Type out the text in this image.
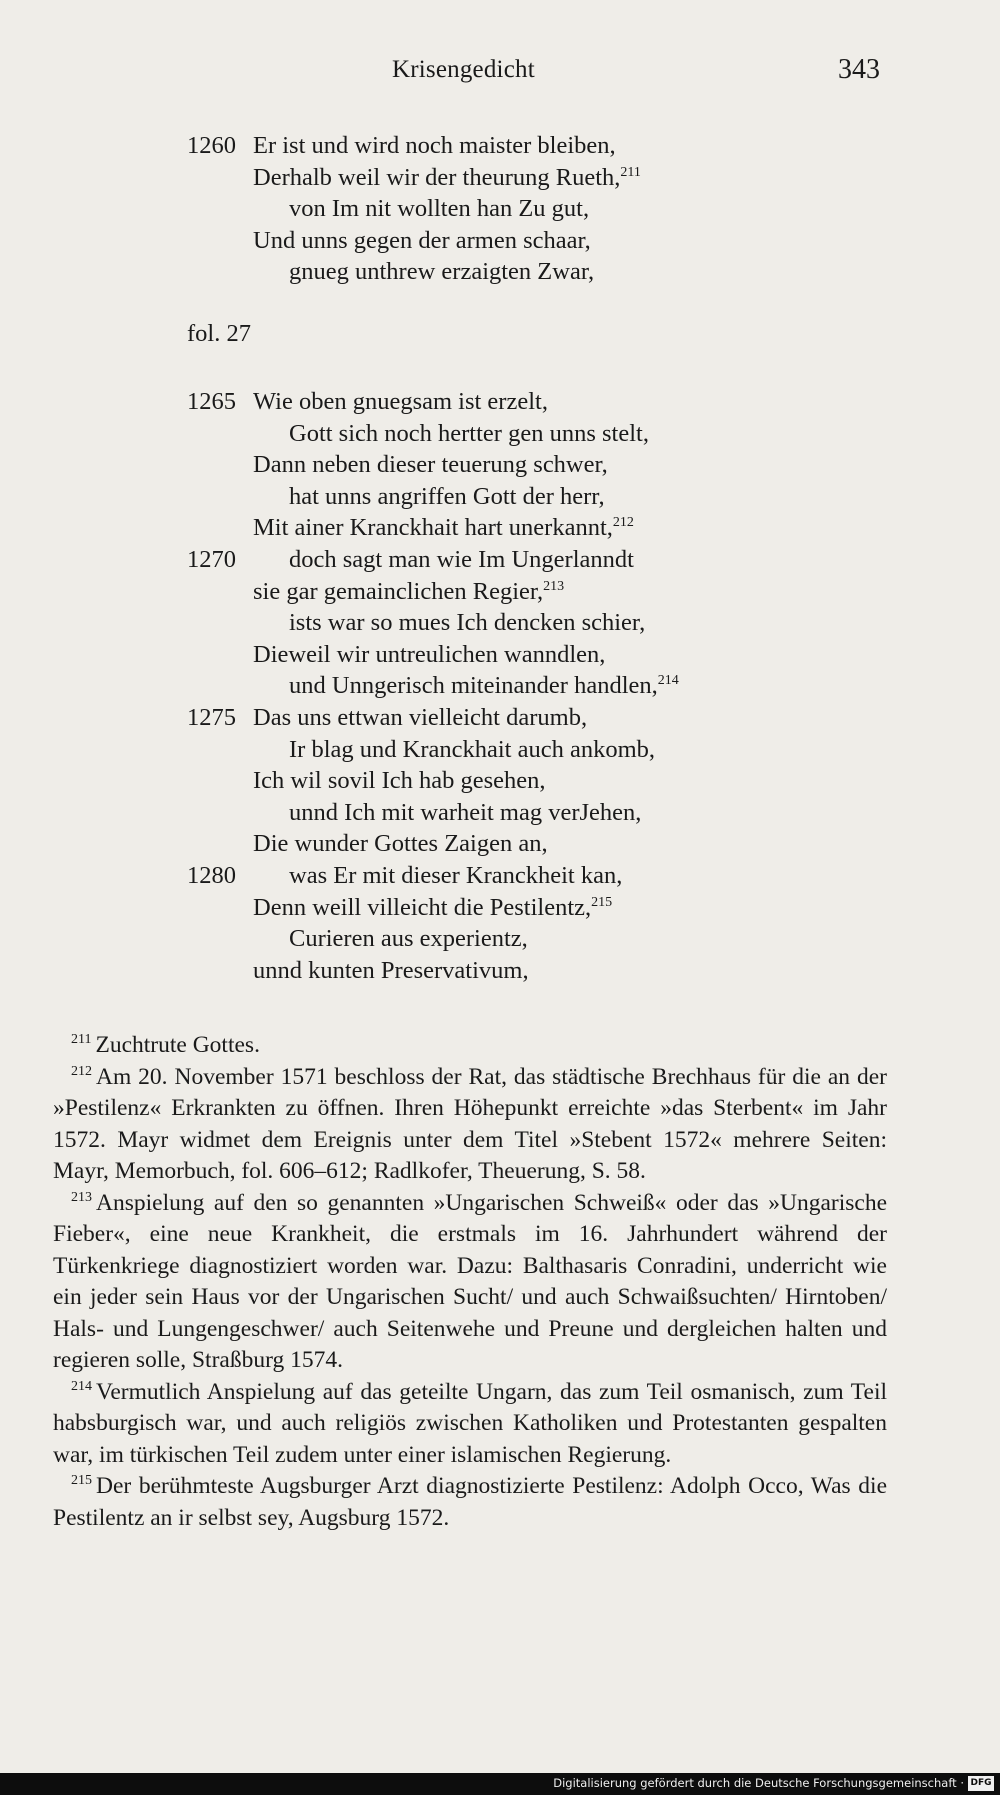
Krisengedicht	343
1260 Er ist und wird noch maister bleiben,
Derhalb weil wir der theurung Rueth,$^{211}$
von Im nit wollten han Zu gut,
Und unns gegen der armen schaar,
gnueg unthrew erzaigten Zwar,
fol. 27
1265 Wie oben gnuegsam ist erzelt,
Gott sich noch hertter gen unns stelt,
Dann neben dieser teuerung schwer,
hat unns angriffen Gott der herr,
Mit ainer Kranckhait hart unerkannt,$^{212}$
1270 doch sagt man wie Im Ungerlanndt
sie gar gemainclichen Regier,$^{213}$
ists war so mues Ich dencken schier,
Dieweil wir untreulichen wanndlen,
und Unngerisch miteinander handlen,$^{214}$
1275 Das uns ettwan vielleicht darumb,
Ir blag und Kranckhait auch ankomb,
Ich wil sovil Ich hab gesehen,
unnd Ich mit warheit mag verJehen,
Die wunder Gottes Zaigen an,
1280 was Er mit dieser Kranckheit kan,
Denn weill villeicht die Pestilentz,$^{215}$
Curieren aus experientz,
unnd kunten Preservativum,

$^{211}$ Zuchtrute Gottes.

$^{212}$ Am 20. November 1571 beschloss der Rat, das städtische Brechhaus für die an der »Pestilenz« Erkrankten zu öffnen. Ihren Höhepunkt erreichte »das Sterbent« im Jahr 1572. Mayr widmet dem Ereignis unter dem Titel »Stebent 1572« mehrere Seiten: Mayr, Memorbuch, fol. 606–612; Radlkofer, Theuerung, S. 58.

$^{213}$ Anspielung auf den so genannten »Ungarischen Schweiß« oder das »Ungarische Fieber«, eine neue Krankheit, die erstmals im 16. Jahrhundert während der Türkenkriege diagnostiziert worden war. Dazu: Balthasaris Conradini, underricht wie ein jeder sein Haus vor der Ungarischen Sucht/ und auch Schwaißsuchten/ Hirntoben/ Hals- und Lungengeschwer/ auch Seitenwehe und Preune und dergleichen halten und regieren solle, Straßburg 1574.

$^{214}$ Vermutlich Anspielung auf das geteilte Ungarn, das zum Teil osmanisch, zum Teil habsburgisch war, und auch religiös zwischen Katholiken und Protestanten gespalten war, im türkischen Teil zudem unter einer islamischen Regierung.

$^{215}$ Der berühmteste Augsburger Arzt diagnostizierte Pestilenz: Adolph Occo, Was die Pestilentz an ir selbst sey, Augsburg 1572.

Digitalisierung gefördert durch die Deutsche Forschungsgemeinschaft · DFG
